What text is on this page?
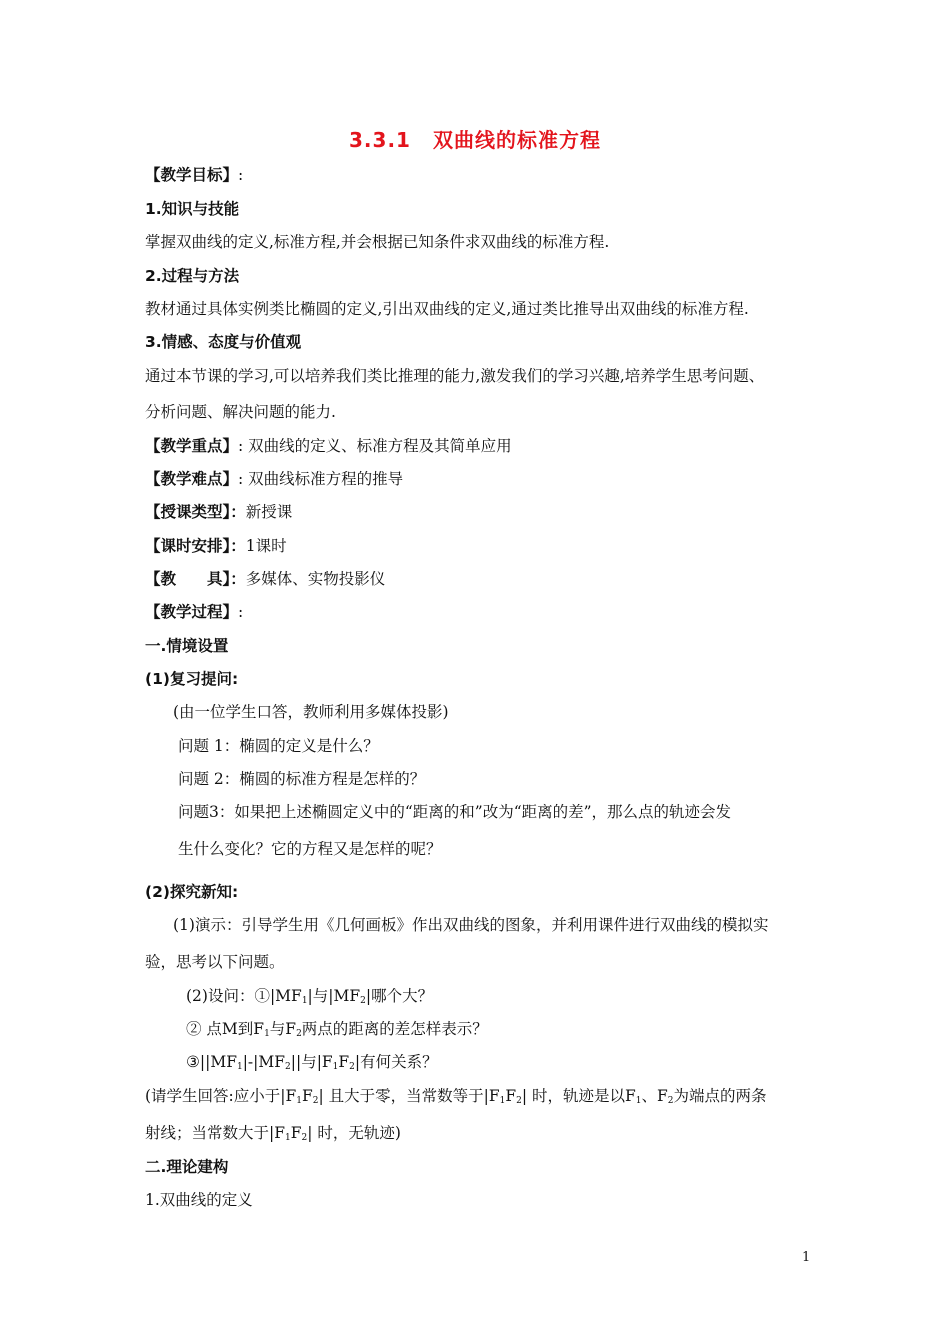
3.3.1 双曲线的标准方程
【教学目标】:
1.知识与技能
掌握双曲线的定义,标准方程,并会根据已知条件求双曲线的标准方程.
2.过程与方法
教材通过具体实例类比椭圆的定义,引出双曲线的定义,通过类比推导出双曲线的标准方程.
3.情感、态度与价值观
通过本节课的学习,可以培养我们类比推理的能力,激发我们的学习兴趣,培养学生思考问题、
分析问题、解决问题的能力.
【教学重点】: 双曲线的定义、标准方程及其简单应用
【教学难点】: 双曲线标准方程的推导
【授课类型】：新授课
【课时安排】：1课时
【教　　具】：多媒体、实物投影仪
【教学过程】:
一.情境设置
(1)复习提问:
(由一位学生口答，教师利用多媒体投影)
问题 1：椭圆的定义是什么？
问题 2：椭圆的标准方程是怎样的？
问题3：如果把上述椭圆定义中的“距离的和”改为“距离的差”，那么点的轨迹会发
生什么变化？它的方程又是怎样的呢？
(2)探究新知:
(1)演示：引导学生用《几何画板》作出双曲线的图象，并利用课件进行双曲线的模拟实
验，思考以下问题。
(2)设问：$①|MF_1|$与$|MF_2|$哪个大？
② 点M到$F_1$与$F_2$两点的距离的差怎样表示？
$③||MF_1|-|MF_2||$与$|F_1F_2|$有何关系？
(请学生回答:应小于$|F_1F_2|$ 且大于零，当常数等于$|F_1F_2|$ 时，轨迹是以$F_1$、$F_2$为端点的两条
射线；当常数大于$|F_1F_2|$ 时，无轨迹)
二.理论建构
1.双曲线的定义
1
